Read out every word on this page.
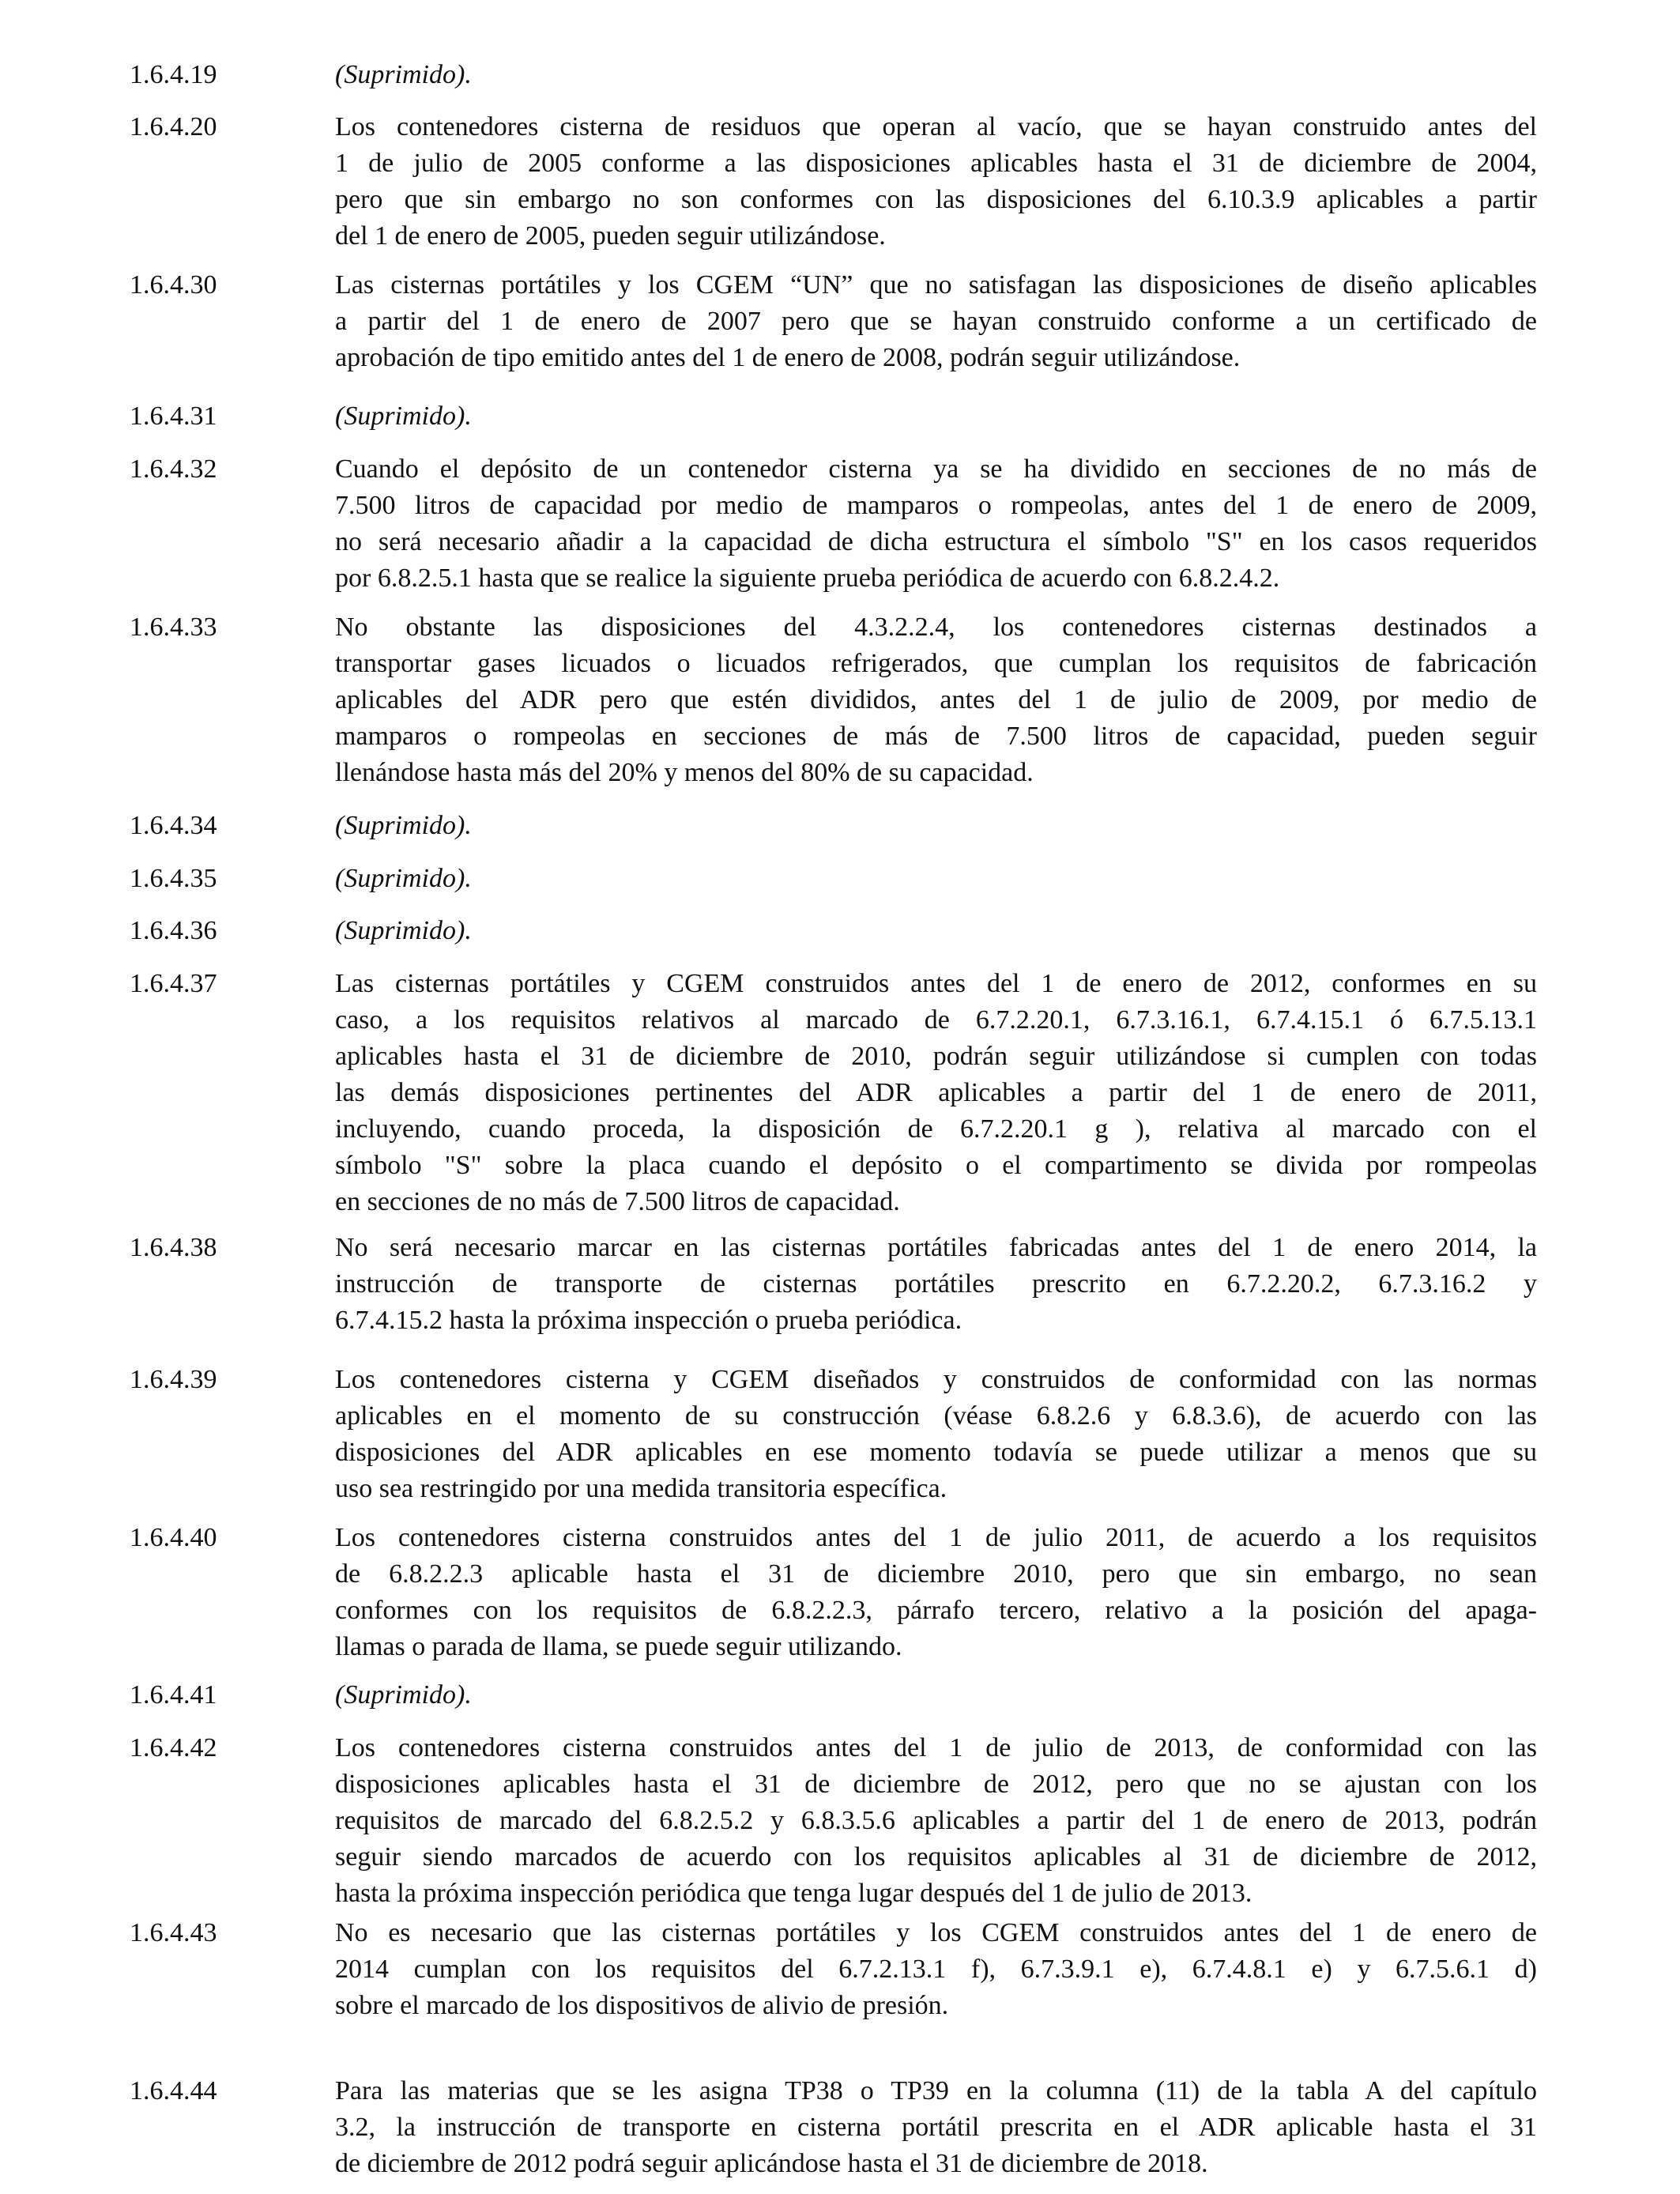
1.6.4.19	(Suprimido).
1.6.4.20	Los contenedores cisterna de residuos que operan al vacío, que se hayan construido antes del
1 de julio de 2005 conforme a las disposiciones aplicables hasta el 31 de diciembre de 2004,
pero que sin embargo no son conformes con las disposiciones del 6.10.3.9 aplicables a partir
del 1 de enero de 2005, pueden seguir utilizándose.
1.6.4.30	Las cisternas portátiles y los CGEM “UN” que no satisfagan las disposiciones de diseño aplicables
a partir del 1 de enero de 2007 pero que se hayan construido conforme a un certificado de
aprobación de tipo emitido antes del 1 de enero de 2008, podrán seguir utilizándose.
1.6.4.31	(Suprimido).
1.6.4.32	Cuando el depósito de un contenedor cisterna ya se ha dividido en secciones de no más de
7.500 litros de capacidad por medio de mamparos o rompeolas, antes del 1 de enero de 2009,
no será necesario añadir a la capacidad de dicha estructura el símbolo "S" en los casos requeridos
por 6.8.2.5.1 hasta que se realice la siguiente prueba periódica de acuerdo con 6.8.2.4.2.
1.6.4.33	No obstante las disposiciones del 4.3.2.2.4, los contenedores cisternas destinados a
transportar gases licuados o licuados refrigerados, que cumplan los requisitos de fabricación
aplicables del ADR pero que estén divididos, antes del 1 de julio de 2009, por medio de
mamparos o rompeolas en secciones de más de 7.500 litros de capacidad, pueden seguir
llenándose hasta más del 20% y menos del 80% de su capacidad.
1.6.4.34	(Suprimido).
1.6.4.35	(Suprimido).
1.6.4.36	(Suprimido).
1.6.4.37	Las cisternas portátiles y CGEM construidos antes del 1 de enero de 2012, conformes en su
caso, a los requisitos relativos al marcado de 6.7.2.20.1, 6.7.3.16.1, 6.7.4.15.1 ó 6.7.5.13.1
aplicables hasta el 31 de diciembre de 2010, podrán seguir utilizándose si cumplen con todas
las demás disposiciones pertinentes del ADR aplicables a partir del 1 de enero de 2011,
incluyendo, cuando proceda, la disposición de 6.7.2.20.1 g ), relativa al marcado con el
símbolo "S" sobre la placa cuando el depósito o el compartimento se divida por rompeolas
en secciones de no más de 7.500 litros de capacidad.
1.6.4.38	No será necesario marcar en las cisternas portátiles fabricadas antes del 1 de enero 2014, la
instrucción de transporte de cisternas portátiles prescrito en 6.7.2.20.2, 6.7.3.16.2 y
6.7.4.15.2 hasta la próxima inspección o prueba periódica.
1.6.4.39	Los contenedores cisterna y CGEM diseñados y construidos de conformidad con las normas
aplicables en el momento de su construcción (véase 6.8.2.6 y 6.8.3.6), de acuerdo con las
disposiciones del ADR aplicables en ese momento todavía se puede utilizar a menos que su
uso sea restringido por una medida transitoria específica.
1.6.4.40	Los contenedores cisterna construidos antes del 1 de julio 2011, de acuerdo a los requisitos
de 6.8.2.2.3 aplicable hasta el 31 de diciembre 2010, pero que sin embargo, no sean
conformes con los requisitos de 6.8.2.2.3, párrafo tercero, relativo a la posición del apaga-
llamas o parada de llama, se puede seguir utilizando.
1.6.4.41	(Suprimido).
1.6.4.42	Los contenedores cisterna construidos antes del 1 de julio de 2013, de conformidad con las
disposiciones aplicables hasta el 31 de diciembre de 2012, pero que no se ajustan con los
requisitos de marcado del 6.8.2.5.2 y 6.8.3.5.6 aplicables a partir del 1 de enero de 2013, podrán
seguir siendo marcados de acuerdo con los requisitos aplicables al 31 de diciembre de 2012,
hasta la próxima inspección periódica que tenga lugar después del 1 de julio de 2013.
1.6.4.43	No es necesario que las cisternas portátiles y los CGEM construidos antes del 1 de enero de
2014 cumplan con los requisitos del 6.7.2.13.1 f), 6.7.3.9.1 e), 6.7.4.8.1 e) y 6.7.5.6.1 d)
sobre el marcado de los dispositivos de alivio de presión.
1.6.4.44	Para las materias que se les asigna TP38 o TP39 en la columna (11) de la tabla A del capítulo
3.2, la instrucción de transporte en cisterna portátil prescrita en el ADR aplicable hasta el 31
de diciembre de 2012 podrá seguir aplicándose hasta el 31 de diciembre de 2018.
